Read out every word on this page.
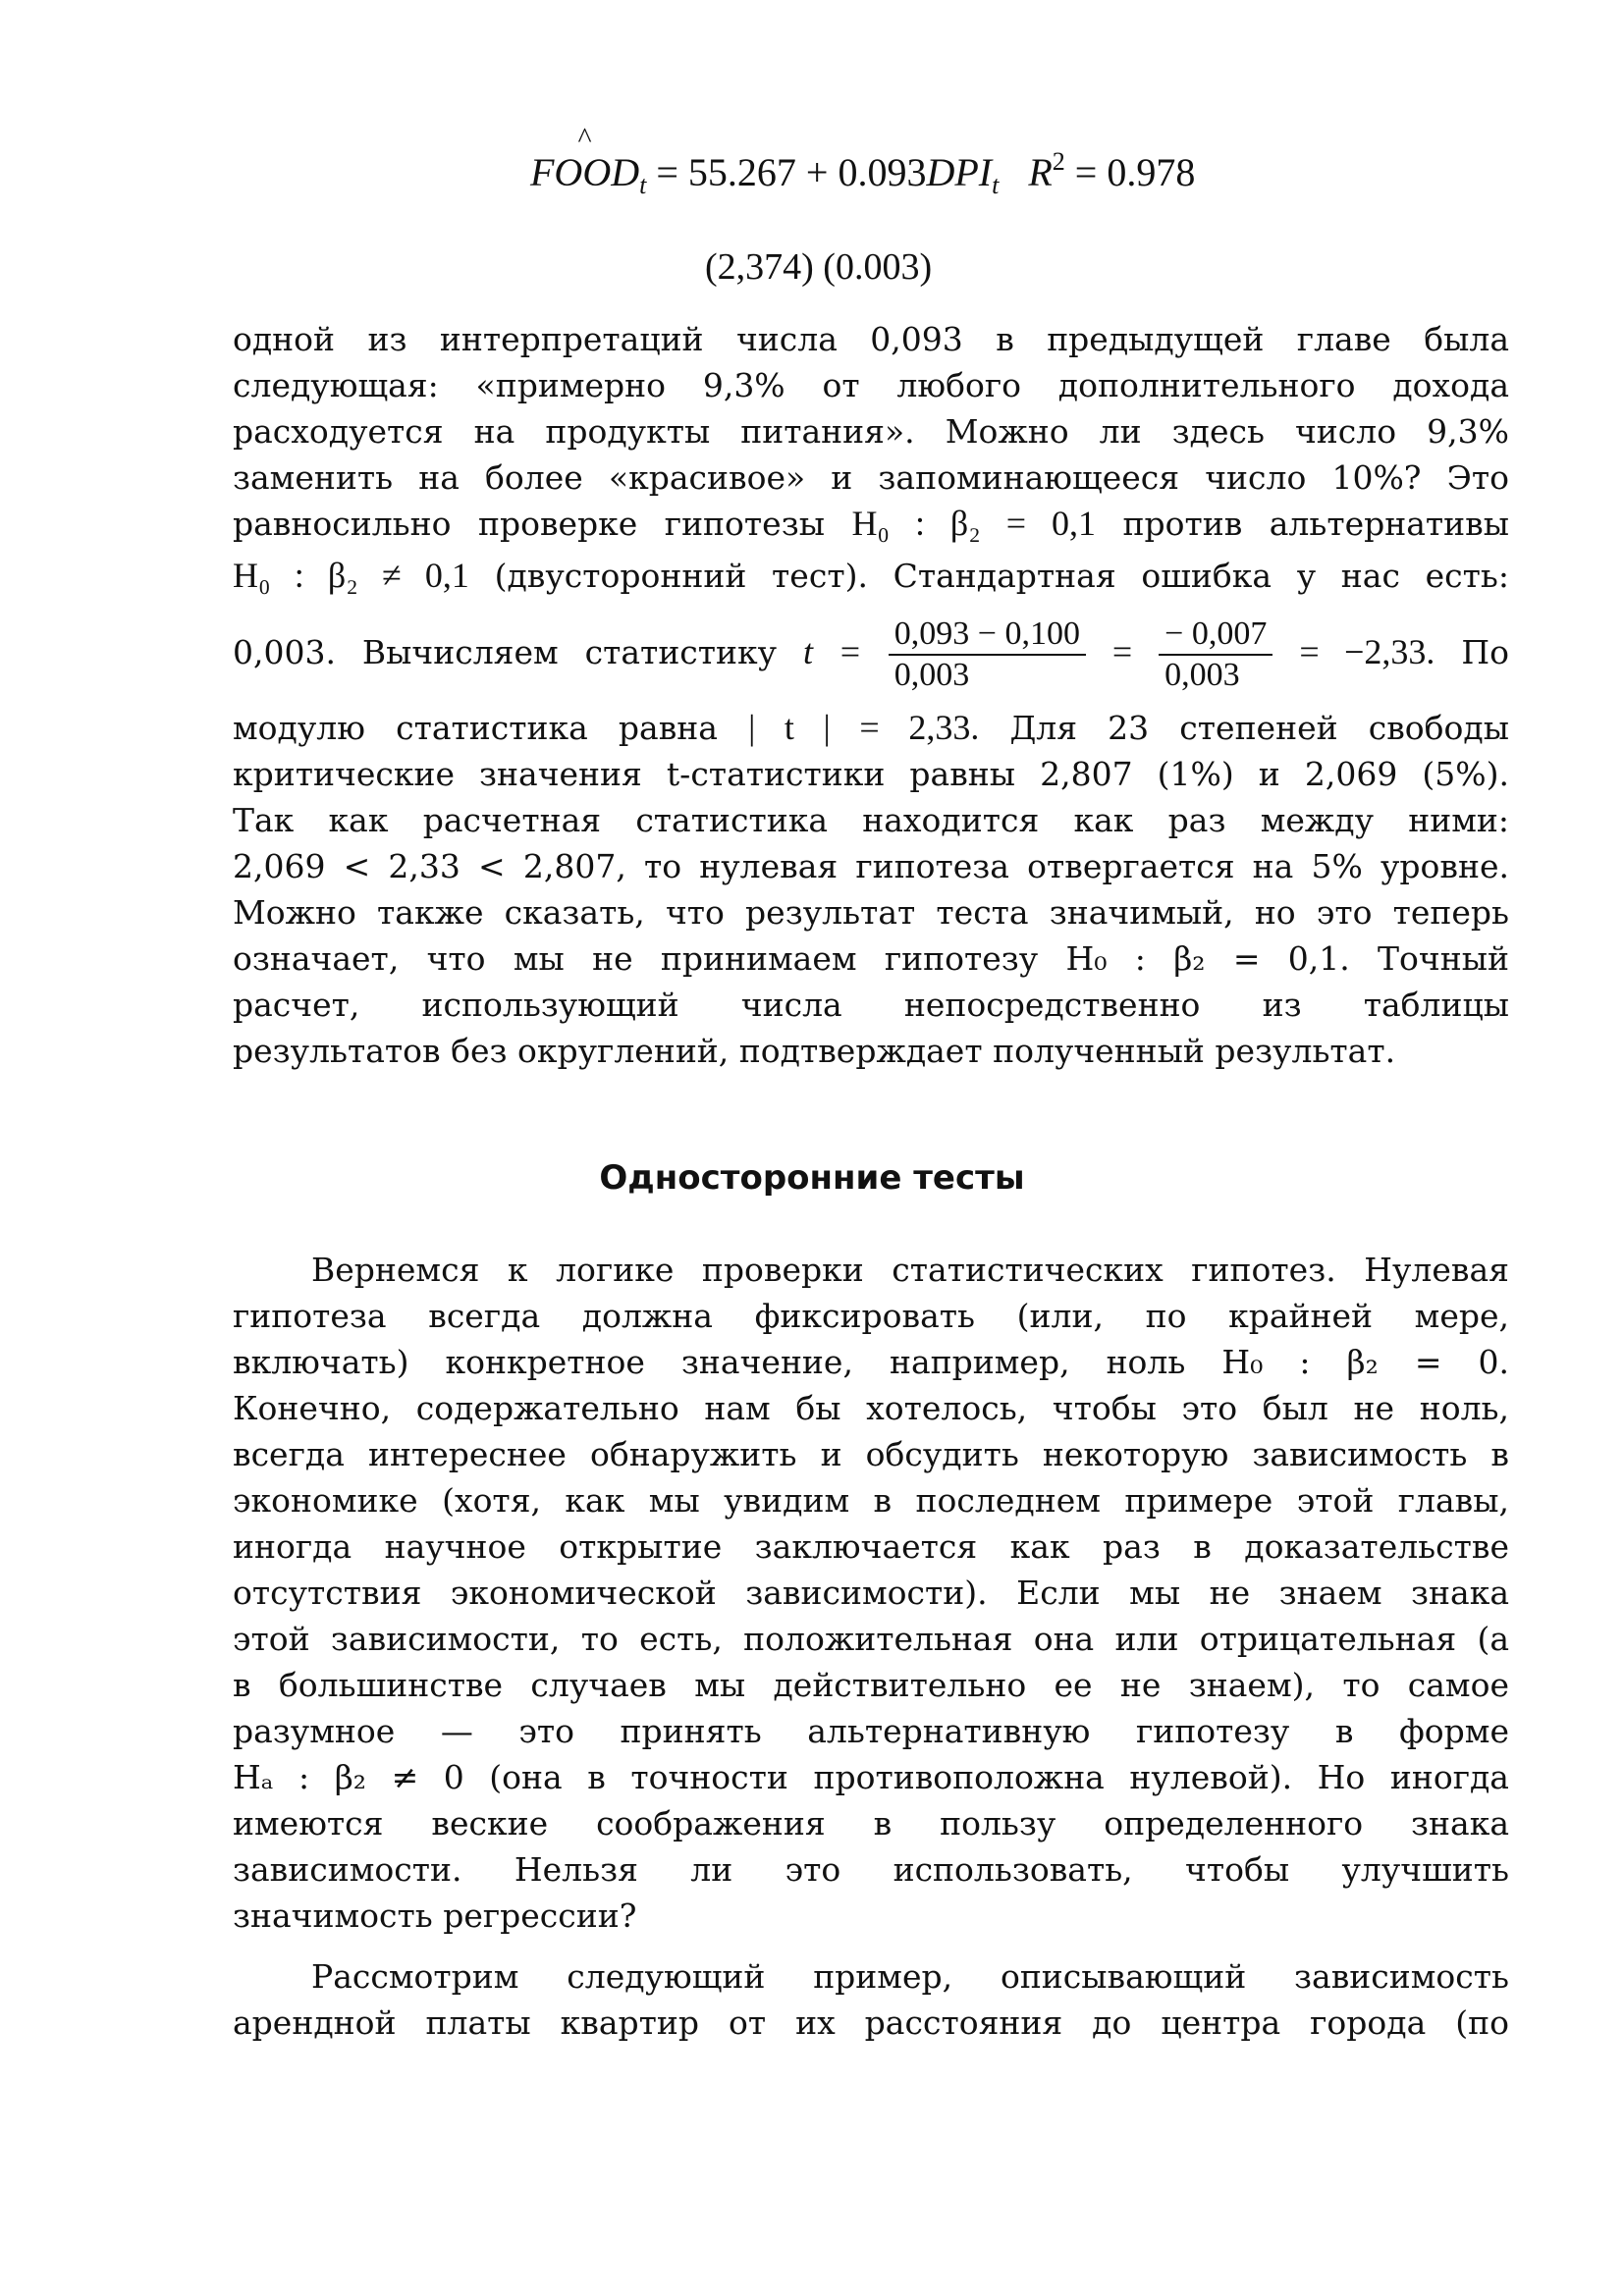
^ $FOOD_t = 55.267 + 0.093DPI_t$ $R^2 = 0.978$
(2,374) (0.003)
одной из интерпретаций числа 0,093 в предыдущей главе была
следующая: «примерно 9,3% от любого дополнительного дохода
расходуется на продукты питания». Можно ли здесь число 9,3%
заменить на более «красивое» и запоминающееся число 10%? Это
равносильно проверке гипотезы H₀ : β₂ = 0,1 против альтернативы
H₀ : β₂ ≠ 0,1 (двусторонний тест). Стандартная ошибка у нас есть:
0,003. Вычисляем статистику $t = \frac{0,093 - 0,100}{0,003} = \frac{- 0,007}{0,003} = -2,33$. По
модулю статистика равна | t | = 2,33. Для 23 степеней свободы
критические значения t-статистики равны 2,807 (1%) и 2,069 (5%).
Так как расчетная статистика находится как раз между ними:
2,069 < 2,33 < 2,807, то нулевая гипотеза отвергается на 5% уровне.
Можно также сказать, что результат теста значимый, но это теперь
означает, что мы не принимаем гипотезу H₀ : β₂ = 0,1. Точный
расчет, использующий числа непосредственно из таблицы
результатов без округлений, подтверждает полученный результат.
Односторонние тесты
Вернемся к логике проверки статистических гипотез. Нулевая
гипотеза всегда должна фиксировать (или, по крайней мере,
включать) конкретное значение, например, ноль H₀ : β₂ = 0.
Конечно, содержательно нам бы хотелось, чтобы это был не ноль,
всегда интереснее обнаружить и обсудить некоторую зависимость в
экономике (хотя, как мы увидим в последнем примере этой главы,
иногда научное открытие заключается как раз в доказательстве
отсутствия экономической зависимости). Если мы не знаем знака
этой зависимости, то есть, положительная она или отрицательная (а
в большинстве случаев мы действительно ее не знаем), то самое
разумное — это принять альтернативную гипотезу в форме
Hₐ : β₂ ≠ 0 (она в точности противоположна нулевой). Но иногда
имеются веские соображения в пользу определенного знака
зависимости. Нельзя ли это использовать, чтобы улучшить
значимость регрессии?
Рассмотрим следующий пример, описывающий зависимость
арендной платы квартир от их расстояния до центра города (по
